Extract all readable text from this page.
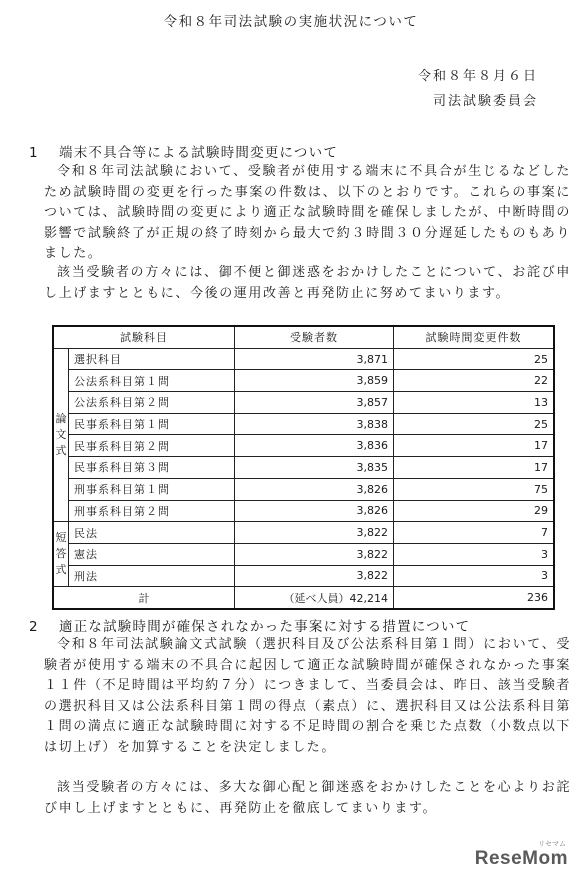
令和８年司法試験の実施状況について
令和８年８月６日
司法試験委員会
1 端末不具合等による試験時間変更について

令和８年司法試験において、受験者が使用する端末に不具合が生じるなどしたため試験時間の変更を行った事案の件数は、以下のとおりです。これらの事案については、試験時間の変更により適正な試験時間を確保しましたが、中断時間の影響で試験終了が正規の終了時刻から最大で約３時間３０分遅延したものもありました。

該当受験者の方々には、御不便と御迷惑をおかけしたことについて、お詫び申し上げますとともに、今後の運用改善と再発防止に努めてまいります。

試験科目		受験者数	試験時間変更件数
論
文
式	選択科目	3,871	25
	公法系科目第１問	3,859	22
	公法系科目第２問	3,857	13
	民事系科目第１問	3,838	25
	民事系科目第２問	3,836	17
	民事系科目第３問	3,835	17
	刑事系科目第１問	3,826	75
	刑事系科目第２問	3,826	29
短
答
式	民法	3,822	7
	憲法	3,822	3
	刑法	3,822	3
計		（延べ人員）42,214	236
2 適正な試験時間が確保されなかった事案に対する措置について

令和８年司法試験論文式試験（選択科目及び公法系科目第１問）において、受験者が使用する端末の不具合に起因して適正な試験時間が確保されなかった事案１１件（不足時間は平均約７分）につきまして、当委員会は、昨日、該当受験者の選択科目又は公法系科目第１問の得点（素点）に、選択科目又は公法系科目第１問の満点に適正な試験時間に対する不足時間の割合を乗じた点数（小数点以下は切上げ）を加算することを決定しました。

該当受験者の方々には、多大な御心配と御迷惑をおかけしたことを心よりお詫び申し上げますとともに、再発防止を徹底してまいります。

リセマム
ReseMom
